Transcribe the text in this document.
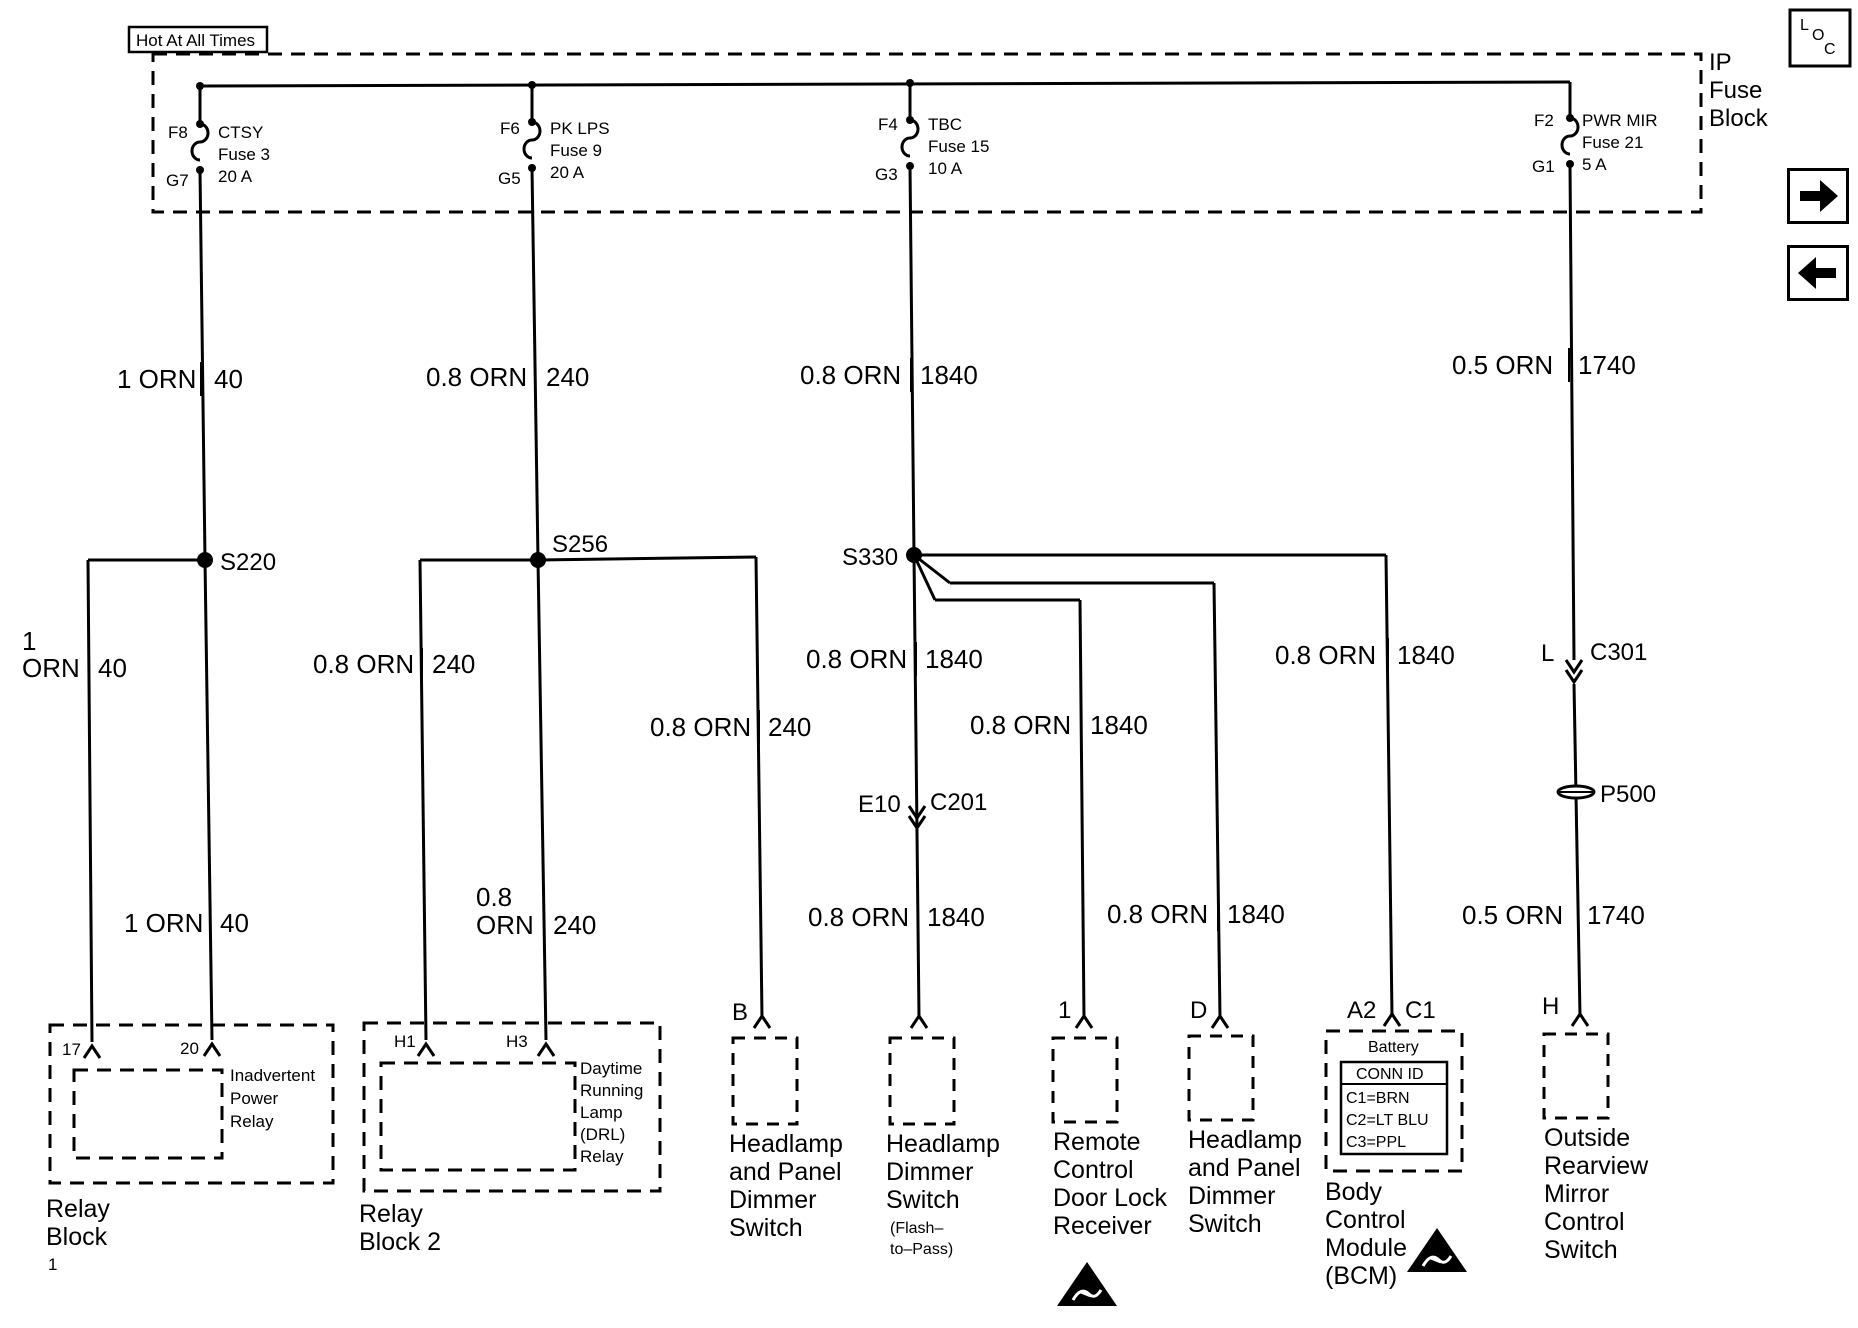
Hot At All Times
IP
Fuse
Block
F8
G7
CTSY
Fuse 3
20 A
F6
G5
PK LPS
Fuse 9
20 A
F4
G3
TBC
Fuse 15
10 A
F2
G1
PWR MIR
Fuse 21
5 A
S220
1 ORN 40
1
ORN 40
1 ORN 40
17	20
Inadvertent
Power
Relay
Relay
Block
1
S256
0.8 ORN 240
0.8 ORN 240
0.8
ORN 240
0.8 ORN 240
H1	H3
Daytime
Running
Lamp
(DRL)
Relay
Relay
Block 2
B
Headlamp
and Panel
Dimmer
Switch
S330
0.8 ORN 1840
0.8 ORN 1840
0.8 ORN 1840
0.8 ORN 1840
0.8 ORN 1840	0.8 ORN 1840
E10 C201
Headlamp
Dimmer
Switch
(Flash–
to–Pass)
1
Remote
Control
Door Lock
Receiver
D
Headlamp
and Panel
Dimmer
Switch
A2 C1
Battery
CONN ID
C1=BRN
C2=LT BLU
C3=PPL
Body
Control
Module
(BCM)
0.5 ORN 1740
L C301
P500
0.5 ORN 1740
H
Outside
Rearview
Mirror
Control
Switch
L
O
C
